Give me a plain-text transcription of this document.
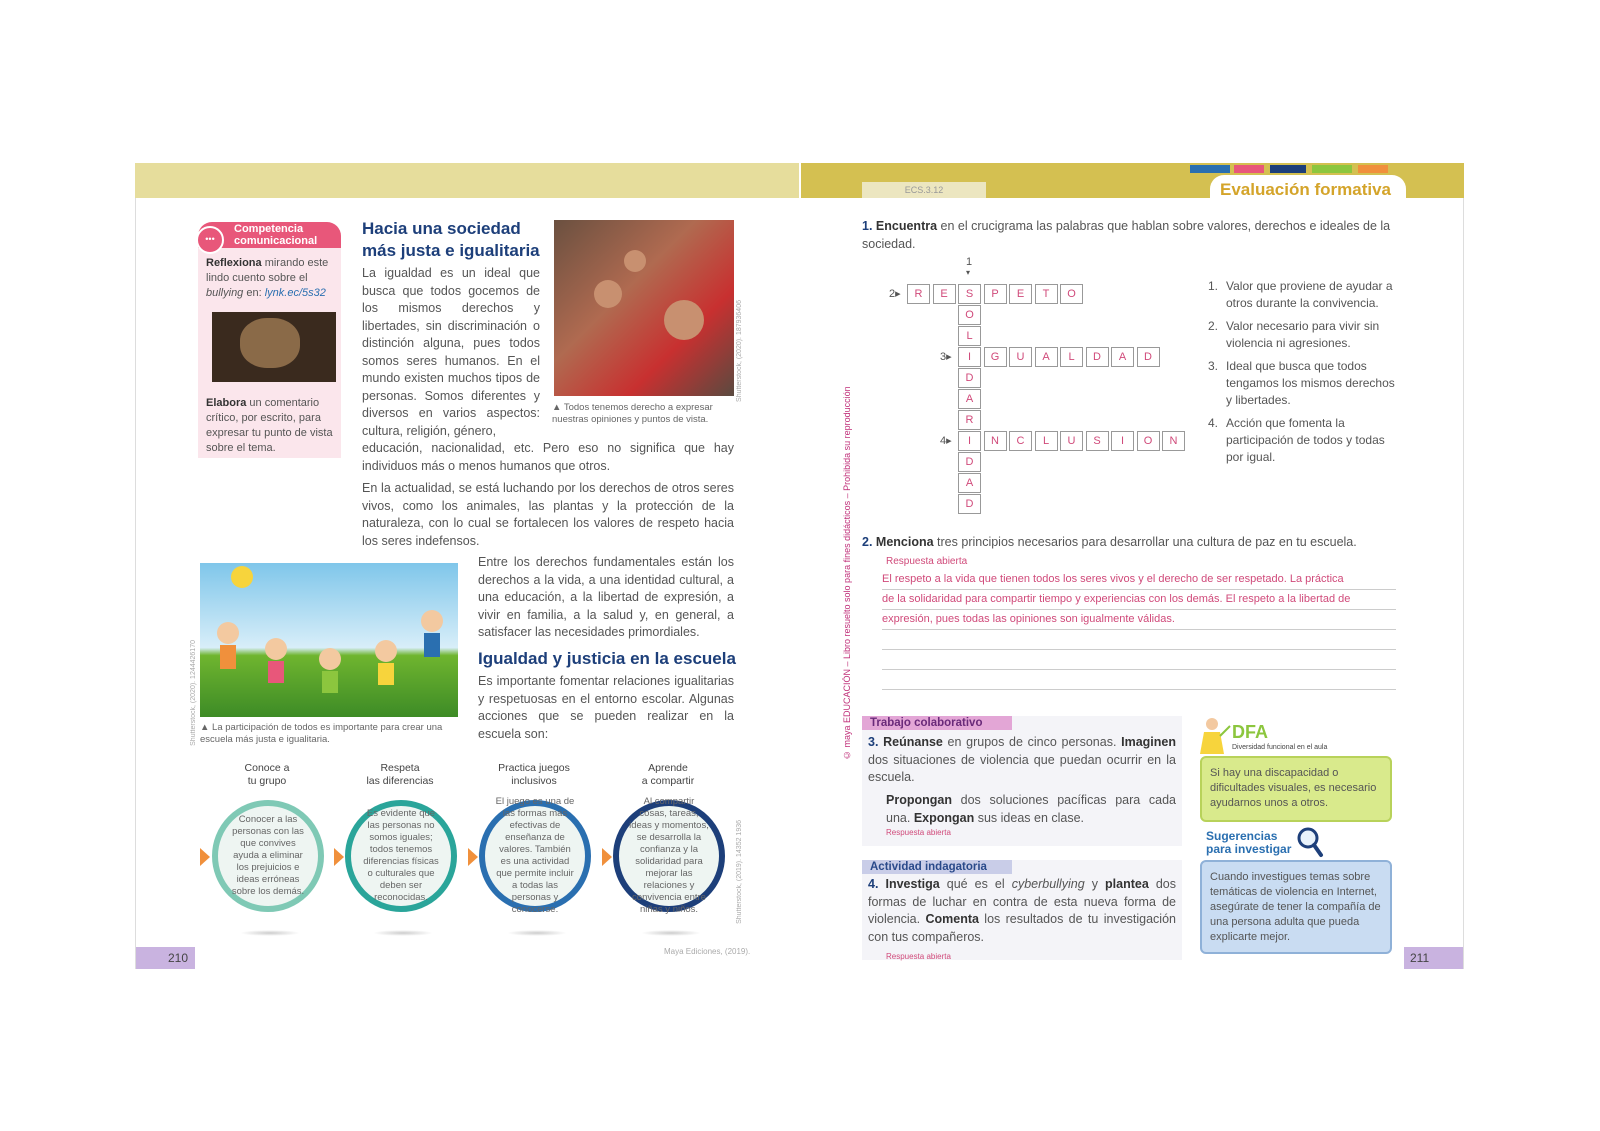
ECS.3.12	Evaluación formativa
Competencia
comunicacional
•••
Reflexiona mirando este lindo cuento sobre el bullying en: lynk.ec/5s32
Elabora un comentario crítico, por escrito, para expresar tu punto de vista sobre el tema.
Hacia una sociedad
más justa e igualitaria
La igualdad es un ideal que busca que todos gocemos de los mismos derechos y libertades, sin discriminación o distinción alguna, pues todos somos seres humanos. En el mundo existen muchos tipos de personas. Somos diferentes y diversos en varios aspectos: cultura, religión, género,
educación, nacionalidad, etc. Pero eso no significa que hay individuos más o menos humanos que otros.
Shutterstock, (2020). 187936406
▲ Todos tenemos derecho a expresar nuestras opiniones y puntos de vista.
En la actualidad, se está luchando por los derechos de otros seres vivos, como los animales, las plantas y la protección de la naturaleza, con lo cual se fortalecen los valores de respeto hacia los seres indefensos.
Shutterstock, (2020). 1244426170 ▲ La participación de todos es importante para crear una escuela más justa e igualitaria.
Entre los derechos fundamentales están los derechos a la vida, a una identidad cultural, a una educación, a la libertad de expresión, a vivir en familia, a la salud y, en general, a satisfacer las necesidades primordiales.
Igualdad y justicia en la escuela
Es importante fomentar relaciones igualitarias y respetuosas en el entorno escolar. Algunas acciones que se pueden realizar en la escuela son:
Conoce a
tu grupo
Respeta
las diferencias
Practica juegos
inclusivos
Aprende
a compartir
Conocer a las personas con las que convives ayuda a eliminar los prejuicios e ideas erróneas sobre los demás.
Es evidente que las personas no somos iguales; todos tenemos diferencias físicas o culturales que deben ser reconocidas.
El juego es una de las formas más efectivas de enseñanza de valores. También es una actividad que permite incluir a todas las personas y conocerse.
Al compartir cosas, tareas, ideas y momentos, se desarrolla la confianza y la solidaridad para mejorar las relaciones y convivencia entre niñas y niños.	Shutterstock, (2019). 14352 1936
Maya Ediciones, (2019).
210
© maya EDUCACIÓN – Libro resuelto solo para fines didácticos – Prohibida su reproducción
1. Encuentra en el crucigrama las palabras que hablan sobre valores, derechos e ideales de la sociedad.
1
▾
S
O
L
I
D
A
R
I
D
A
D
2▸	R	E	P	E	T	O
3▸	G	U	A	L	D	A	D
4▸	N	C	L	U	S	I	O	N
1. Valor que proviene de ayudar a otros durante la convivencia.
2. Valor necesario para vivir sin violencia ni agresiones.
3. Ideal que busca que todos tengamos los mismos derechos y libertades.
4. Acción que fomenta la participación de todos y todas por igual.
2. Menciona tres principios necesarios para desarrollar una cultura de paz en tu escuela.
Respuesta abierta
El respeto a la vida que tienen todos los seres vivos y el derecho de ser respetado. La práctica
de la solidaridad para compartir tiempo y experiencias con los demás. El respeto a la libertad de
expresión, pues todas las opiniones son igualmente válidas.
Trabajo colaborativo
3. Reúnanse en grupos de cinco personas. Imaginen dos situaciones de violencia que puedan ocurrir en la escuela.
Propongan dos soluciones pacíficas para cada una. Expongan sus ideas en clase.
Respuesta abierta
Actividad indagatoria
4. Investiga qué es el cyberbullying y plantea dos formas de luchar en contra de esta nueva forma de violencia. Comenta los resultados de tu investigación con tus compañeros.
Respuesta abierta
DFA
Diversidad funcional en el aula
Si hay una discapacidad o dificultades visuales, es necesario ayudarnos unos a otros.
Sugerencias
para investigar
Cuando investigues temas sobre temáticas de violencia en Internet, asegúrate de tener la compañía de una persona adulta que pueda explicarte mejor.
211
